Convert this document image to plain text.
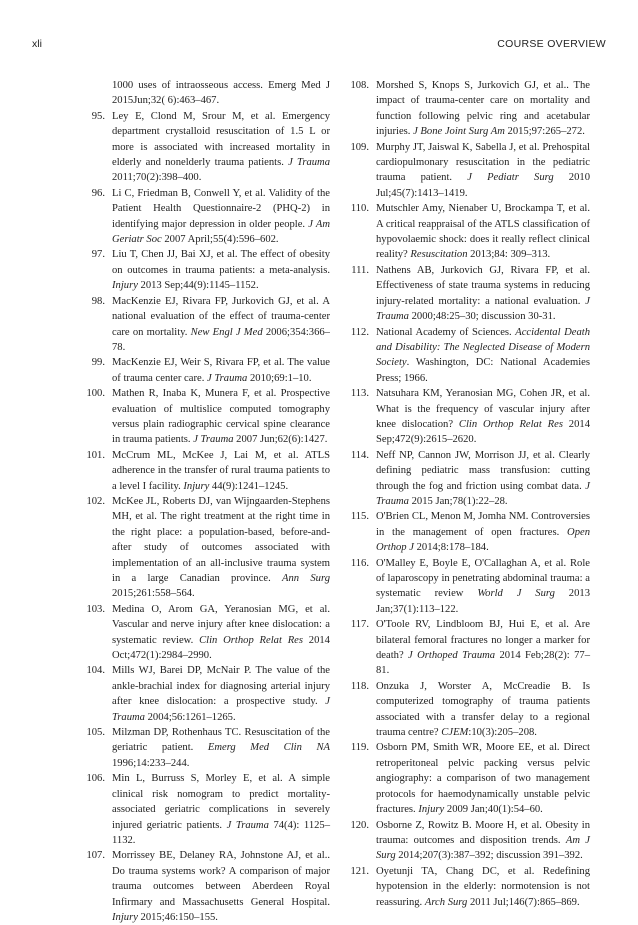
xli	COURSE OVERVIEW
1000 uses of intraosseous access. Emerg Med J 2015Jun;32( 6):463–467.
95. Ley E, Clond M, Srour M, et al. Emergency department crystalloid resuscitation of 1.5 L or more is associated with increased mortality in elderly and nonelderly trauma patients. J Trauma 2011;70(2):398–400.
96. Li C, Friedman B, Conwell Y, et al. Validity of the Patient Health Questionnaire-2 (PHQ-2) in identifying major depression in older people. J Am Geriatr Soc 2007 April;55(4):596–602.
97. Liu T, Chen JJ, Bai XJ, et al. The effect of obesity on outcomes in trauma patients: a meta-analysis. Injury 2013 Sep;44(9):1145–1152.
98. MacKenzie EJ, Rivara FP, Jurkovich GJ, et al. A national evaluation of the effect of trauma-center care on mortality. New Engl J Med 2006;354:366–78.
99. MacKenzie EJ, Weir S, Rivara FP, et al. The value of trauma center care. J Trauma 2010;69:1–10.
100. Mathen R, Inaba K, Munera F, et al. Prospective evaluation of multislice computed tomography versus plain radiographic cervical spine clearance in trauma patients. J Trauma 2007 Jun;62(6):1427.
101. McCrum ML, McKee J, Lai M, et al. ATLS adherence in the transfer of rural trauma patients to a level I facility. Injury 44(9):1241–1245.
102. McKee JL, Roberts DJ, van Wijngaarden-Stephens MH, et al. The right treatment at the right time in the right place: a population-based, before-and-after study of outcomes associated with implementation of an all-inclusive trauma system in a large Canadian province. Ann Surg 2015;261:558–564.
103. Medina O, Arom GA, Yeranosian MG, et al. Vascular and nerve injury after knee dislocation: a systematic review. Clin Orthop Relat Res 2014 Oct;472(1):2984–2990.
104. Mills WJ, Barei DP, McNair P. The value of the ankle-brachial index for diagnosing arterial injury after knee dislocation: a prospective study. J Trauma 2004;56:1261–1265.
105. Milzman DP, Rothenhaus TC. Resuscitation of the geriatric patient. Emerg Med Clin NA 1996;14:233–244.
106. Min L, Burruss S, Morley E, et al. A simple clinical risk nomogram to predict mortality-associated geriatric complications in severely injured geriatric patients. J Trauma 74(4): 1125–1132.
107. Morrissey BE, Delaney RA, Johnstone AJ, et al.. Do trauma systems work? A comparison of major trauma outcomes between Aberdeen Royal Infirmary and Massachusetts General Hospital. Injury 2015;46:150–155.
108. Morshed S, Knops S, Jurkovich GJ, et al.. The impact of trauma-center care on mortality and function following pelvic ring and acetabular injuries. J Bone Joint Surg Am 2015;97:265–272.
109. Murphy JT, Jaiswal K, Sabella J, et al. Prehospital cardiopulmonary resuscitation in the pediatric trauma patient. J Pediatr Surg 2010 Jul;45(7):1413–1419.
110. Mutschler Amy, Nienaber U, Brockampa T, et al. A critical reappraisal of the ATLS classification of hypovolaemic shock: does it really reflect clinical reality? Resuscitation 2013;84: 309–313.
111. Nathens AB, Jurkovich GJ, Rivara FP, et al. Effectiveness of state trauma systems in reducing injury-related mortality: a national evaluation. J Trauma 2000;48:25–30; discussion 30-31.
112. National Academy of Sciences. Accidental Death and Disability: The Neglected Disease of Modern Society. Washington, DC: National Academies Press; 1966.
113. Natsuhara KM, Yeranosian MG, Cohen JR, et al. What is the frequency of vascular injury after knee dislocation? Clin Orthop Relat Res 2014 Sep;472(9):2615–2620.
114. Neff NP, Cannon JW, Morrison JJ, et al. Clearly defining pediatric mass transfusion: cutting through the fog and friction using combat data. J Trauma 2015 Jan;78(1):22–28.
115. O'Brien CL, Menon M, Jomha NM. Controversies in the management of open fractures. Open Orthop J 2014;8:178–184.
116. O'Malley E, Boyle E, O'Callaghan A, et al. Role of laparoscopy in penetrating abdominal trauma: a systematic review World J Surg 2013 Jan;37(1):113–122.
117. O'Toole RV, Lindbloom BJ, Hui E, et al. Are bilateral femoral fractures no longer a marker for death? J Orthoped Trauma 2014 Feb;28(2): 77–81.
118. Onzuka J, Worster A, McCreadie B. Is computerized tomography of trauma patients associated with a transfer delay to a regional trauma centre? CJEM:10(3):205–208.
119. Osborn PM, Smith WR, Moore EE, et al. Direct retroperitoneal pelvic packing versus pelvic angiography: a comparison of two management protocols for haemodynamically unstable pelvic fractures. Injury 2009 Jan;40(1):54–60.
120. Osborne Z, Rowitz B. Moore H, et al. Obesity in trauma: outcomes and disposition trends. Am J Surg 2014;207(3):387–392; discussion 391–392.
121. Oyetunji TA, Chang DC, et al. Redefining hypotension in the elderly: normotension is not reassuring. Arch Surg 2011 Jul;146(7):865–869.
